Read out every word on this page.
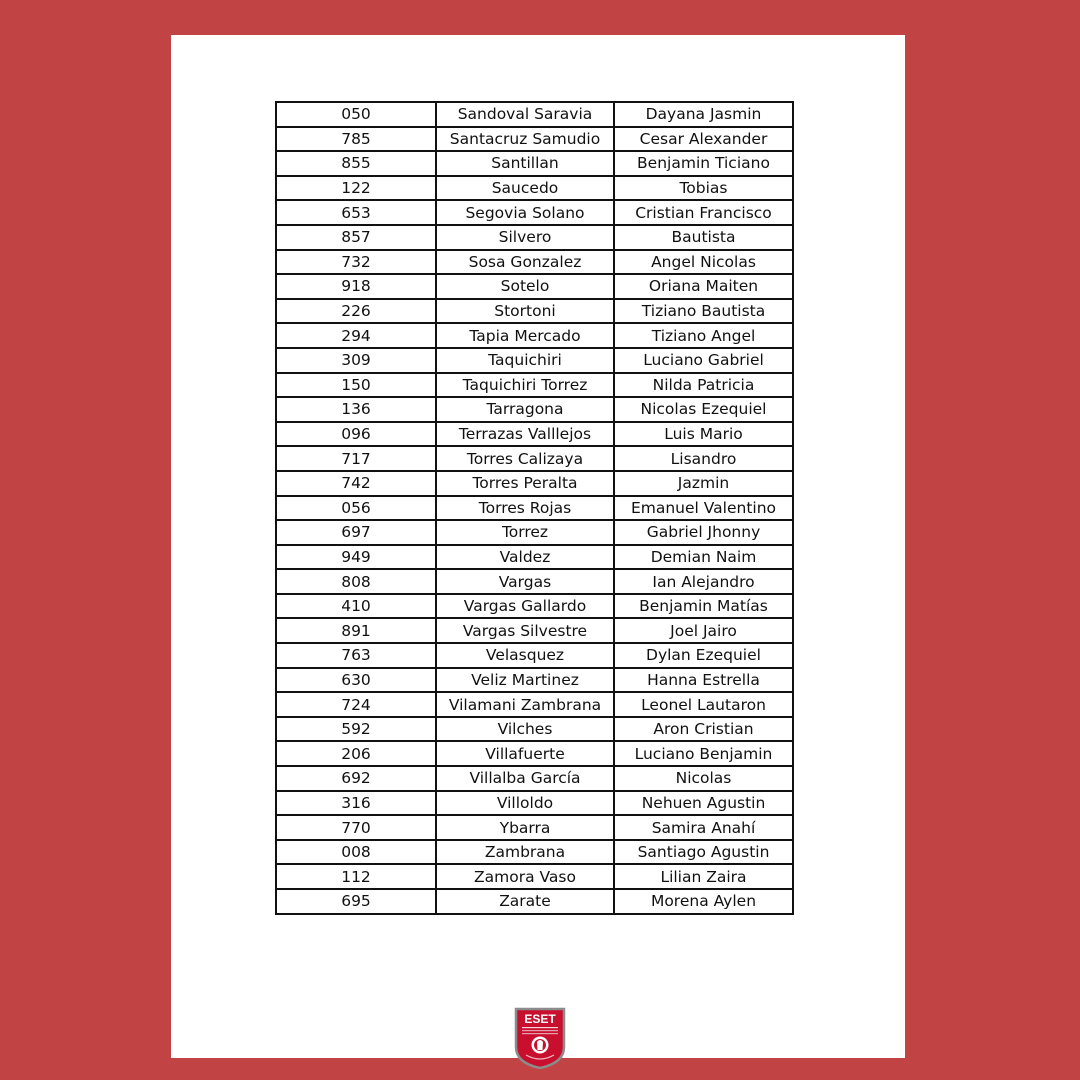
050	Sandoval Saravia	Dayana Jasmin
785	Santacruz Samudio	Cesar Alexander
855	Santillan	Benjamin Ticiano
122	Saucedo	Tobias
653	Segovia Solano	Cristian Francisco
857	Silvero	Bautista
732	Sosa Gonzalez	Angel Nicolas
918	Sotelo	Oriana Maiten
226	Stortoni	Tiziano Bautista
294	Tapia Mercado	Tiziano Angel
309	Taquichiri	Luciano Gabriel
150	Taquichiri Torrez	Nilda Patricia
136	Tarragona	Nicolas Ezequiel
096	Terrazas Valllejos	Luis Mario
717	Torres Calizaya	Lisandro
742	Torres Peralta	Jazmin
056	Torres Rojas	Emanuel Valentino
697	Torrez	Gabriel Jhonny
949	Valdez	Demian Naim
808	Vargas	Ian Alejandro
410	Vargas Gallardo	Benjamin Matías
891	Vargas Silvestre	Joel Jairo
763	Velasquez	Dylan Ezequiel
630	Veliz Martinez	Hanna Estrella
724	Vilamani Zambrana	Leonel Lautaron
592	Vilches	Aron Cristian
206	Villafuerte	Luciano Benjamin
692	Villalba García	Nicolas
316	Villoldo	Nehuen Agustin
770	Ybarra	Samira Anahí
008	Zambrana	Santiago Agustin
112	Zamora Vaso	Lilian Zaira
695	Zarate	Morena Aylen
ESET
